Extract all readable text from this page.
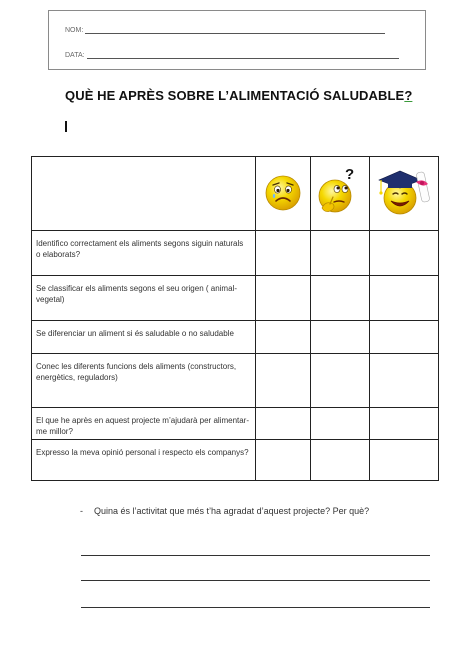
NOM:
DATA:
QUÈ HE APRÈS SOBRE L’ALIMENTACIÓ SALUDABLE?

?

Identifico correctament els aliments segons siguin naturals o elaborats?			
Se classificar els aliments segons el seu origen ( animal- vegetal)			
Se diferenciar un aliment si és saludable o no saludable			
Conec les diferents funcions dels aliments (constructors, energètics, reguladors)			
El que he après en aquest projecte m’ajudarà per alimentar-me millor?			
Expresso la meva opinió personal i respecto els companys?			
-	Quina és l’activitat que més t’ha agradat d’aquest projecte? Per què?
